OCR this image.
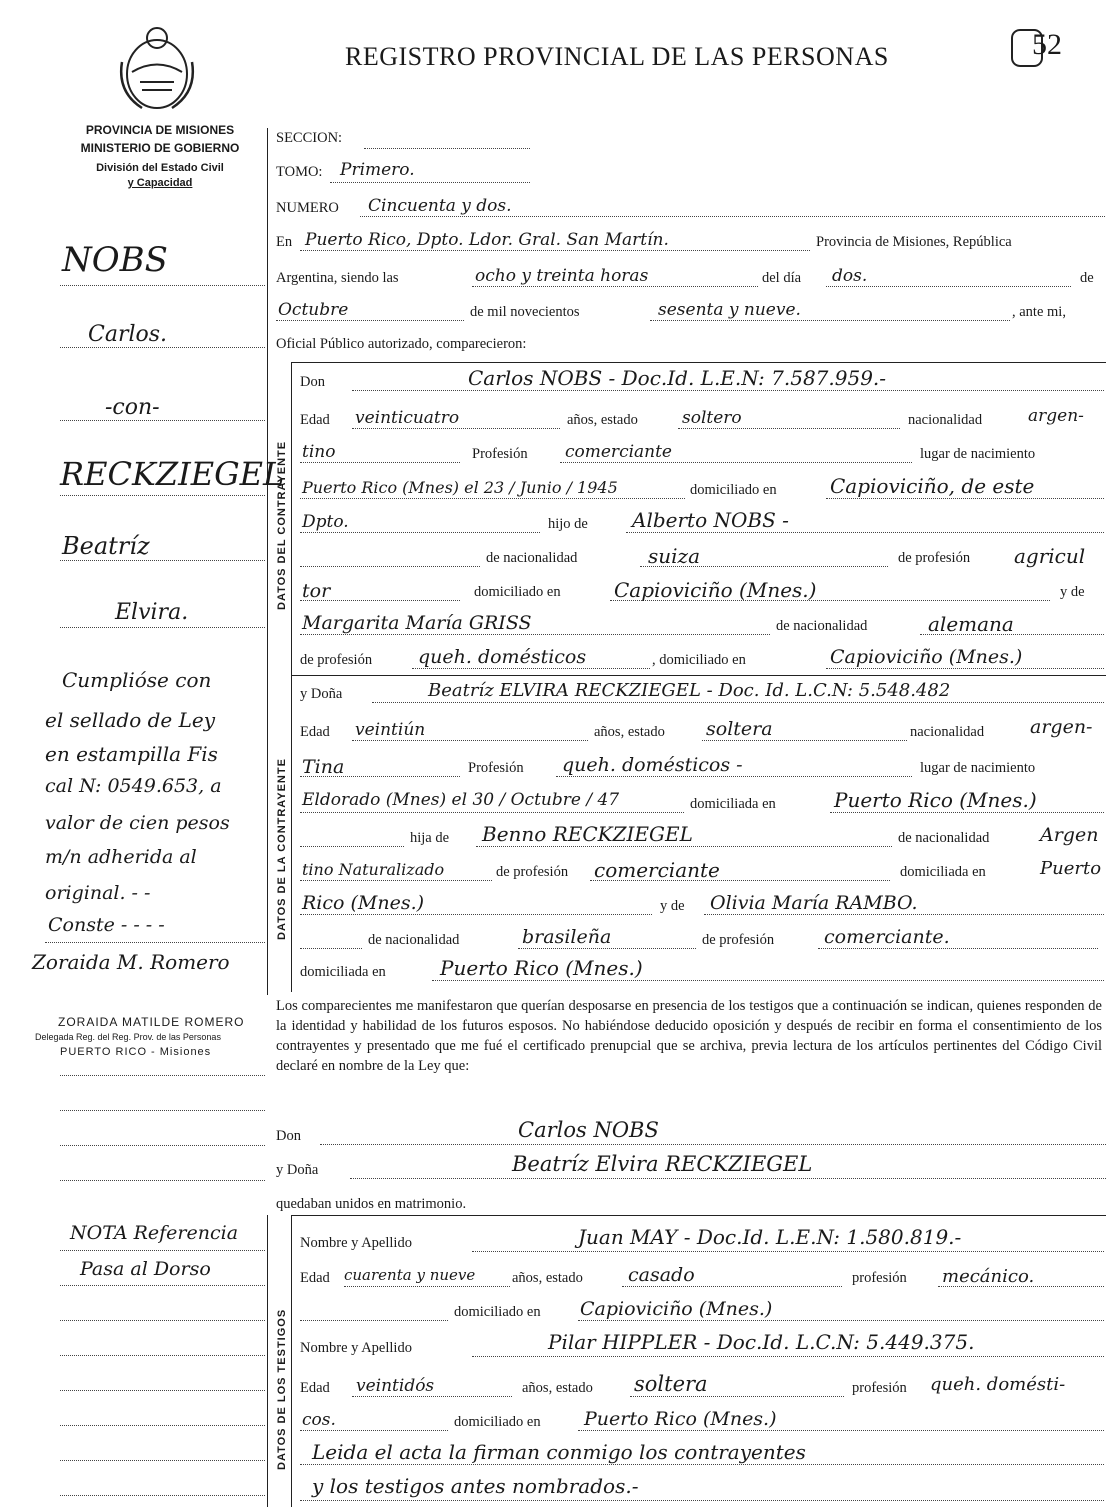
REGISTRO PROVINCIAL DE LAS PERSONAS	52
PROVINCIA DE MISIONES
MINISTERIO DE GOBIERNO
División del Estado Civil
y Capacidad
DATOS DEL CONTRAYENTE
DATOS DE LA CONTRAYENTE
DATOS DE LOS TESTIGOS
NOBS
Carlos.
-con-
RECKZIEGEL
Beatríz
Elvira.
Cumplióse con
el sellado de Ley
en estampilla Fis
cal N: 0549.653, a
valor de cien pesos
m/n adherida al
original. - -
Conste - - - -
Zoraida M. Romero
ZORAIDA MATILDE ROMERO
Delegada Reg. del Reg. Prov. de las Personas
PUERTO RICO - Misiones
NOTA Referencia
Pasa al Dorso
SECCION:
TOMO: Primero.
NUMERO Cincuenta y dos.
En Puerto Rico, Dpto. Ldor. Gral. San Martín.	Provincia de Misiones, República
Argentina, siendo las	ocho y treinta horas	del día dos.	de
Octubre	de mil novecientos	sesenta y nueve.	, ante mi,
Oficial Público autorizado, comparecieron:
Don	Carlos NOBS - Doc.Id. L.E.N: 7.587.959.-
Edad veinticuatro	años, estado	soltero	nacionalidad	argen-
tino	Profesión comerciante	lugar de nacimiento
Puerto Rico (Mnes) el 23 / Junio / 1945	domiciliado en	Capioviciño, de este
Dpto.	hijo de Alberto NOBS -
de nacionalidad	suiza	de profesión agricul
tor	domiciliado en	Capioviciño (Mnes.)	y de
Margarita María GRISS	de nacionalidad	alemana
de profesión queh. domésticos	, domiciliado en	Capioviciño (Mnes.)
y Doña	Beatríz ELVIRA RECKZIEGEL - Doc. Id. L.C.N: 5.548.482
Edad veintiún	años, estado soltera	nacionalidad argen-
Tina	Profesión queh. domésticos -	lugar de nacimiento
Eldorado (Mnes) el 30 / Octubre / 47	domiciliada en	Puerto Rico (Mnes.)
hija de Benno RECKZIEGEL	de nacionalidad	Argen
tino Naturalizado	de profesión comerciante	domiciliada en	Puerto
Rico (Mnes.)	y de Olivia María RAMBO.
de nacionalidad	brasileña	de profesión	comerciante.
domiciliada en	Puerto Rico (Mnes.)
Los comparecientes me manifestaron que querían desposarse en presencia de los testigos que a continuación se indican, quienes responden de la identidad y habilidad de los futuros esposos. No habiéndose deducido oposición y después de recibir en forma el consentimiento de los contrayentes y presentado que me fué el certificado prenupcial que se archiva, previa lectura de los artículos pertinentes del Código Civil declaré en nombre de la Ley que:
Don	Carlos NOBS
y Doña	Beatríz Elvira RECKZIEGEL
quedaban unidos en matrimonio.
Nombre y Apellido	Juan MAY - Doc.Id. L.E.N: 1.580.819.-
Edad cuarenta y nueve	años, estado casado	profesión mecánico.
domiciliado en Capioviciño (Mnes.)
Nombre y Apellido	Pilar HIPPLER - Doc.Id. L.C.N: 5.449.375.
Edad veintidós	años, estado soltera	profesión queh. domésti-
cos.	domiciliado en Puerto Rico (Mnes.)
Leida el acta la firman conmigo los contrayentes
y los testigos antes nombrados.-
